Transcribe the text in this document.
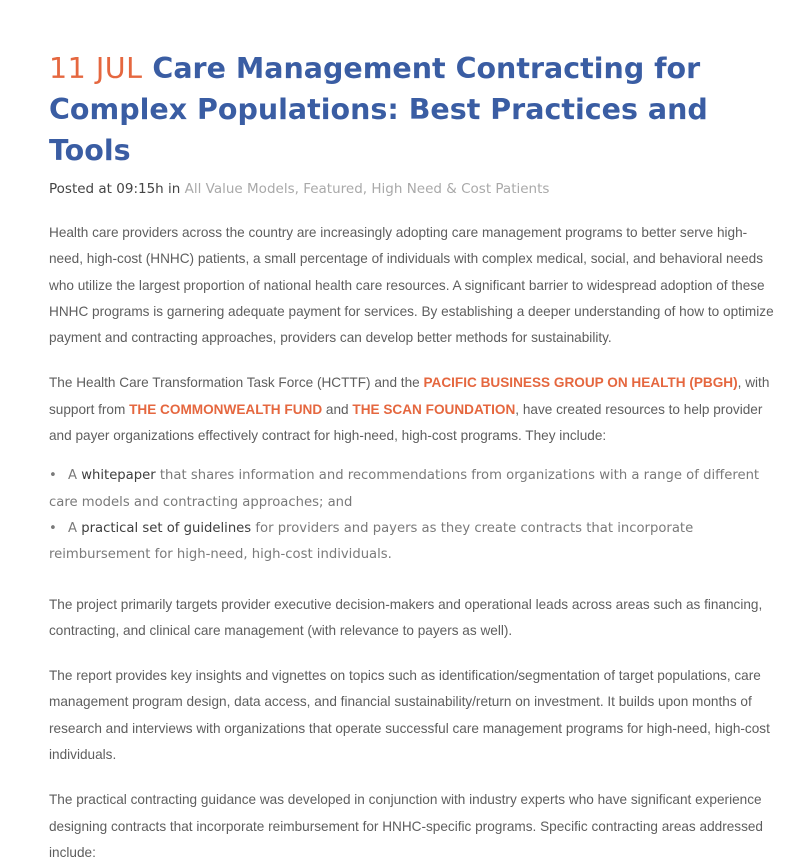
11 JUL Care Management Contracting for Complex Populations: Best Practices and Tools
Posted at 09:15h in All Value Models, Featured, High Need & Cost Patients

Health care providers across the country are increasingly adopting care management programs to better serve high-need, high-cost (HNHC) patients, a small percentage of individuals with complex medical, social, and behavioral needs who utilize the largest proportion of national health care resources. A significant barrier to widespread adoption of these HNHC programs is garnering adequate payment for services. By establishing a deeper understanding of how to optimize payment and contracting approaches, providers can develop better methods for sustainability.

The Health Care Transformation Task Force (HCTTF) and the PACIFIC BUSINESS GROUP ON HEALTH (PBGH), with support from THE COMMONWEALTH FUND and THE SCAN FOUNDATION, have created resources to help provider and payer organizations effectively contract for high-need, high-cost programs. They include:

• A whitepaper that shares information and recommendations from organizations with a range of different care models and contracting approaches; and
• A practical set of guidelines for providers and payers as they create contracts that incorporate reimbursement for high-need, high-cost individuals.

The project primarily targets provider executive decision-makers and operational leads across areas such as financing, contracting, and clinical care management (with relevance to payers as well).

The report provides key insights and vignettes on topics such as identification/segmentation of target populations, care management program design, data access, and financial sustainability/return on investment. It builds upon months of research and interviews with organizations that operate successful care management programs for high-need, high-cost individuals.

The practical contracting guidance was developed in conjunction with industry experts who have significant experience designing contracts that incorporate reimbursement for HNHC-specific programs. Specific contracting areas addressed include:
